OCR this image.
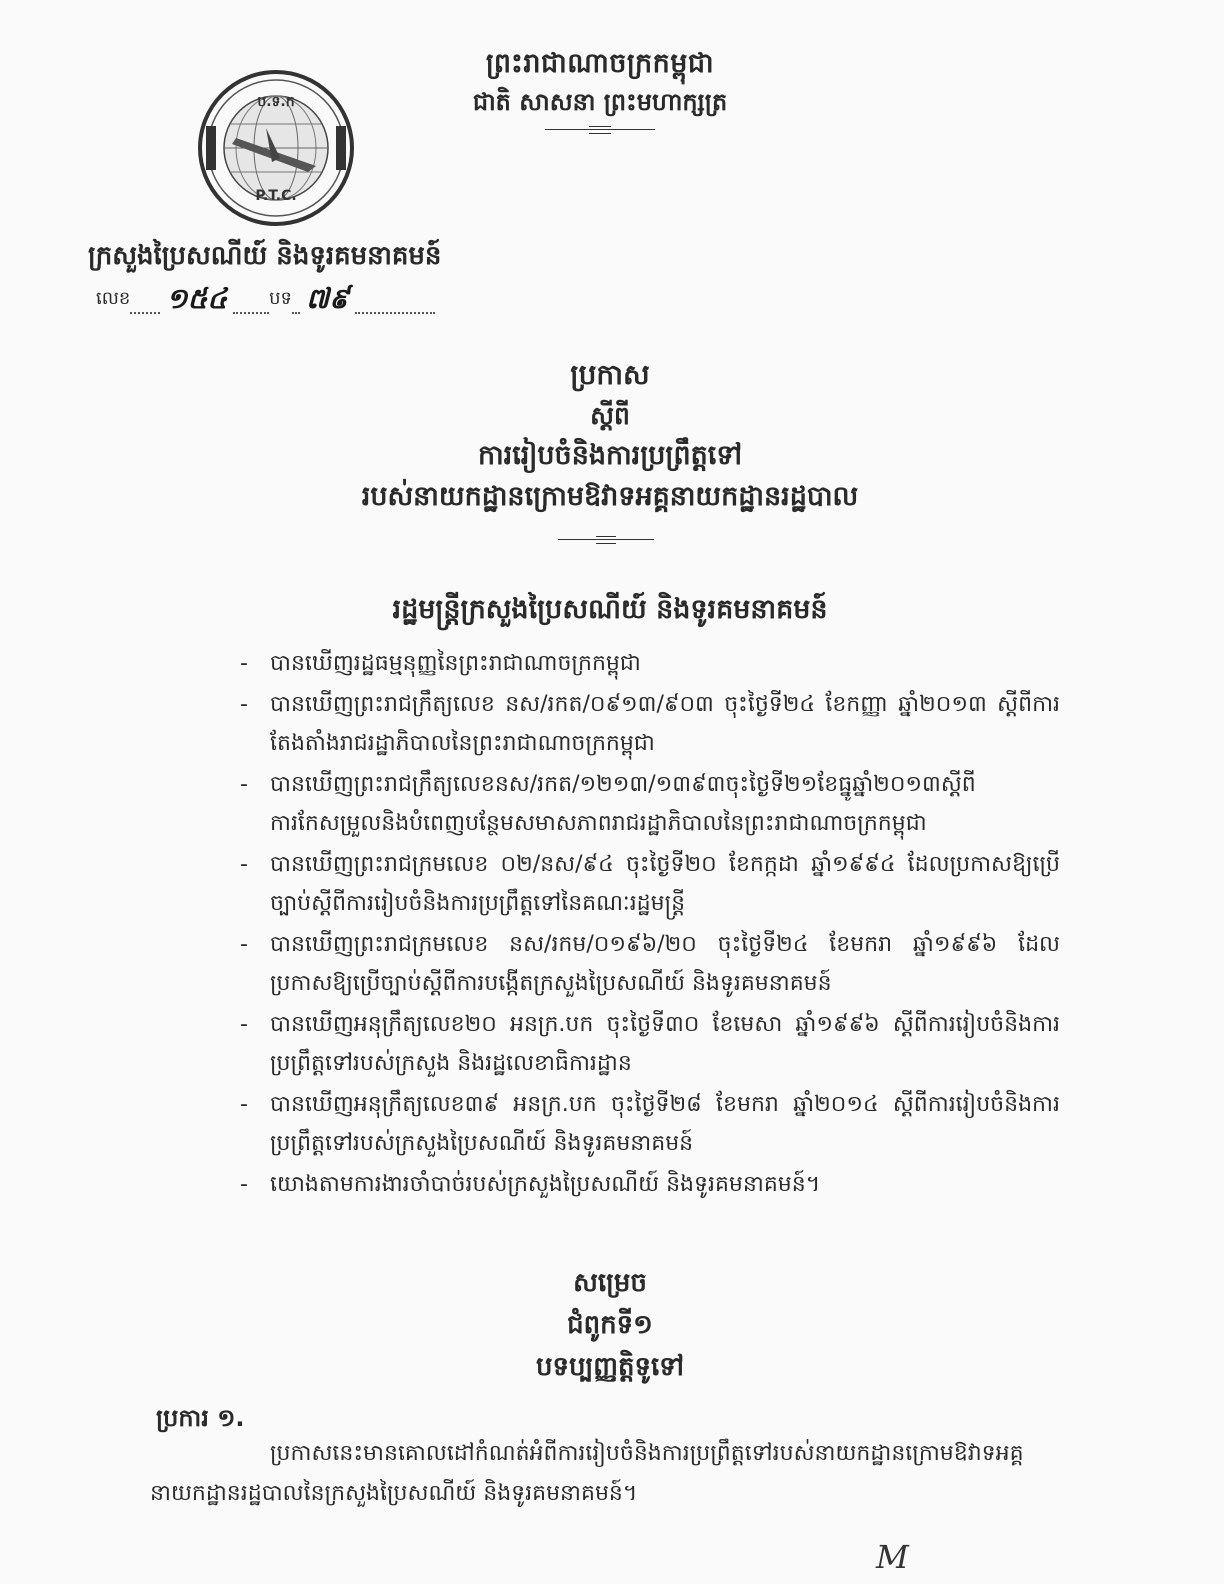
ព្រះរាជាណាចក្រកម្ពុជា
ជាតិ សាសនា ព្រះមហាក្សត្រ
ប.ទ.ក
P.T.C.
ក្រសួងប្រៃសណីយ៍ និងទូរគមនាគមន៍
លេខ ១៥៤ បទ ៧៩
ប្រកាស
ស្តីពី
ការរៀបចំនិងការប្រព្រឹត្តទៅ
របស់នាយកដ្ឋានក្រោមឱវាទអគ្គនាយកដ្ឋានរដ្ឋបាល
រដ្ឋមន្ត្រីក្រសួងប្រៃសណីយ៍ និងទូរគមនាគមន៍
- បានឃើញរដ្ឋធម្មនុញ្ញនៃព្រះរាជាណាចក្រកម្ពុជា
- បានឃើញព្រះរាជក្រឹត្យលេខ នស/រកត/០៩១៣/៩០៣ ចុះថ្ងៃទី២៤ ខែកញ្ញា ឆ្នាំ២០១៣ ស្តីពីការតែងតាំងរាជរដ្ឋាភិបាលនៃព្រះរាជាណាចក្រកម្ពុជា
- បានឃើញព្រះរាជក្រឹត្យលេខនស/រកត/១២១៣/១៣៩៣ចុះថ្ងៃទី២១ខែធ្នូឆ្នាំ២០១៣ស្តីពីការកែសម្រួលនិងបំពេញបន្ថែមសមាសភាពរាជរដ្ឋាភិបាលនៃព្រះរាជាណាចក្រកម្ពុជា
- បានឃើញព្រះរាជក្រមលេខ ០២/នស/៩៤ ចុះថ្ងៃទី២០ ខែកក្កដា ឆ្នាំ១៩៩៤ ដែលប្រកាសឱ្យប្រើច្បាប់ស្តីពីការរៀបចំនិងការប្រព្រឹត្តទៅនៃគណៈរដ្ឋមន្ត្រី
- បានឃើញព្រះរាជក្រមលេខ នស/រកម/០១៩៦/២០ ចុះថ្ងៃទី២៤ ខែមករា ឆ្នាំ១៩៩៦ ដែលប្រកាសឱ្យប្រើច្បាប់ស្តីពីការបង្កើតក្រសួងប្រៃសណីយ៍ និងទូរគមនាគមន៍
- បានឃើញអនុក្រឹត្យលេខ២០ អនក្រ.បក ចុះថ្ងៃទី៣០ ខែមេសា ឆ្នាំ១៩៩៦ ស្តីពីការរៀបចំនិងការប្រព្រឹត្តទៅរបស់ក្រសួង និងរដ្ឋលេខាធិការដ្ឋាន
- បានឃើញអនុក្រឹត្យលេខ៣៩ អនក្រ.បក ចុះថ្ងៃទី២៨ ខែមករា ឆ្នាំ២០១៤ ស្តីពីការរៀបចំនិងការប្រព្រឹត្តទៅរបស់ក្រសួងប្រៃសណីយ៍ និងទូរគមនាគមន៍
- យោងតាមការងារចាំបាច់របស់ក្រសួងប្រៃសណីយ៍ និងទូរគមនាគមន៍។
សម្រេច
ជំពូកទី១
បទប្បញ្ញត្តិទូទៅ
ប្រការ ១.
ប្រកាសនេះមានគោលដៅកំណត់អំពីការរៀបចំនិងការប្រព្រឹត្តទៅរបស់នាយកដ្ឋានក្រោមឱវាទអគ្គនាយកដ្ឋានរដ្ឋបាលនៃក្រសួងប្រៃសណីយ៍ និងទូរគមនាគមន៍។
M
